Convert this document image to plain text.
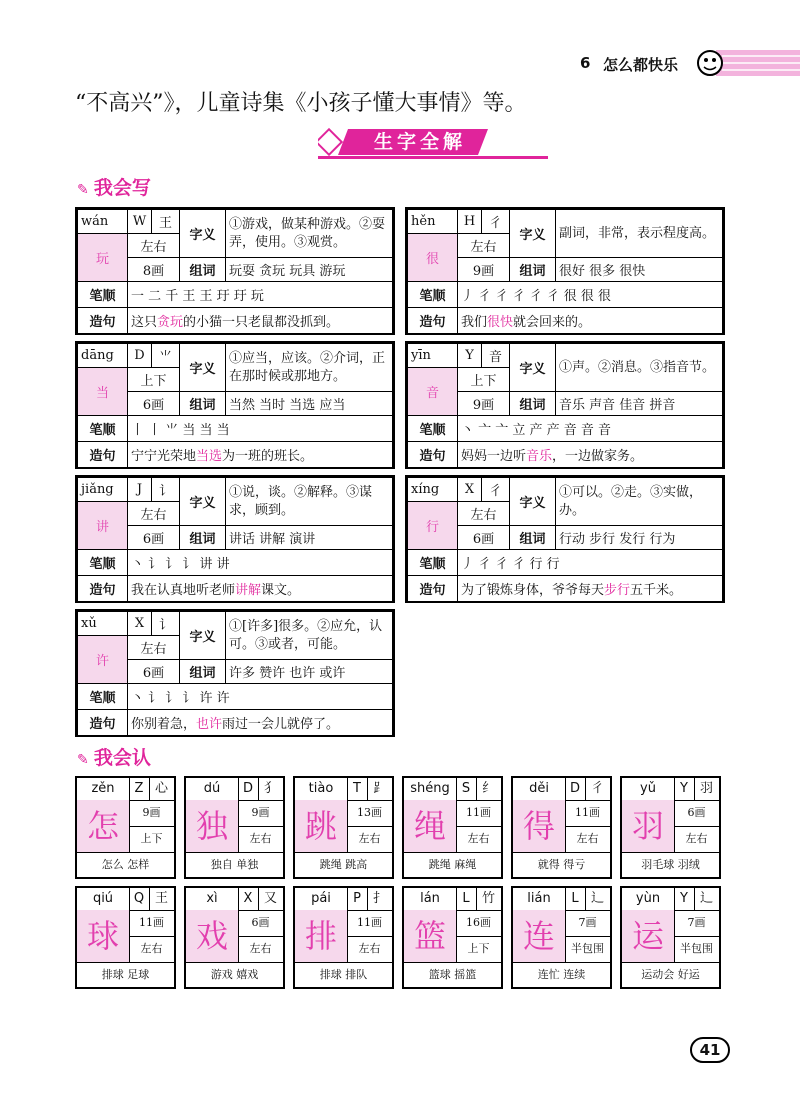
6 怎么都快乐
“不高兴”》，儿童诗集《小孩子懂大事情》等。
生字全解
✎ 我会写
wán	W	王	字义	①游戏，做某种游戏。②耍弄，使用。③观赏。
玩	左右			
	8画		组词	玩耍 贪玩 玩具 游玩
笔顺	一 二 千 王 王 玗 玗 玩			
造句	这只贪玩的小猫一只老鼠都没抓到。			
hěn	H	彳	字义	副词，非常，表示程度高。
很	左右			
	9画		组词	很好 很多 很快
笔顺	丿 彳 彳 彳 彳 彳 很 很 很			
造句	我们很快就会回来的。			
dāng	D	⺌	字义	①应当，应该。②介词，正在那时候或那地方。
当	上下			
	6画		组词	当然 当时 当选 应当
笔顺	丨 丨 ⺌ 当 当 当			
造句	宁宁光荣地当选为一班的班长。			
yīn	Y	音	字义	①声。②消息。③指音节。
音	上下			
	9画		组词	音乐 声音 佳音 拼音
笔顺	丶 亠 亠 立 产 产 音 音 音			
造句	妈妈一边听音乐，一边做家务。			
jiǎng	J	讠	字义	①说，谈。②解释。③谋求，顾到。
讲	左右			
	6画		组词	讲话 讲解 演讲
笔顺	丶 讠 讠 讠 讲 讲			
造句	我在认真地听老师讲解课文。			
xíng	X	彳	字义	①可以。②走。③实做，办。
行	左右			
	6画		组词	行动 步行 发行 行为
笔顺	丿 彳 彳 彳 行 行			
造句	为了锻炼身体，爷爷每天步行五千米。			
xǔ	X	讠	字义	①[许多]很多。②应允，认可。③或者，可能。
许	左右			
	6画		组词	许多 赞许 也许 或许
笔顺	丶 讠 讠 讠 许 许			
造句	你别着急，也许雨过一会儿就停了。			
✎ 我会认
zěn	Z 心
怎	9画
上下
怎么 怎样
dú	D 犭
独	9画
左右
独自 单独
tiào	T ⻊
跳	13画
左右
跳绳 跳高
shéng S 纟
绳	11画
左右
跳绳 麻绳
děi	D 彳
得	11画
左右
就得 得亏
yǔ	Y 羽
羽	6画
左右
羽毛球 羽绒
qiú	Q 王
球	11画
左右
排球 足球
xì	X 又
戏	6画
左右
游戏 嬉戏
pái	P 扌
排	11画
左右
排球 排队
lán	L 竹
篮	16画
上下
篮球 摇篮
lián	L 辶
连	7画
半包围
连忙 连续
yùn	Y 辶
运	7画
半包围
运动会 好运
41
